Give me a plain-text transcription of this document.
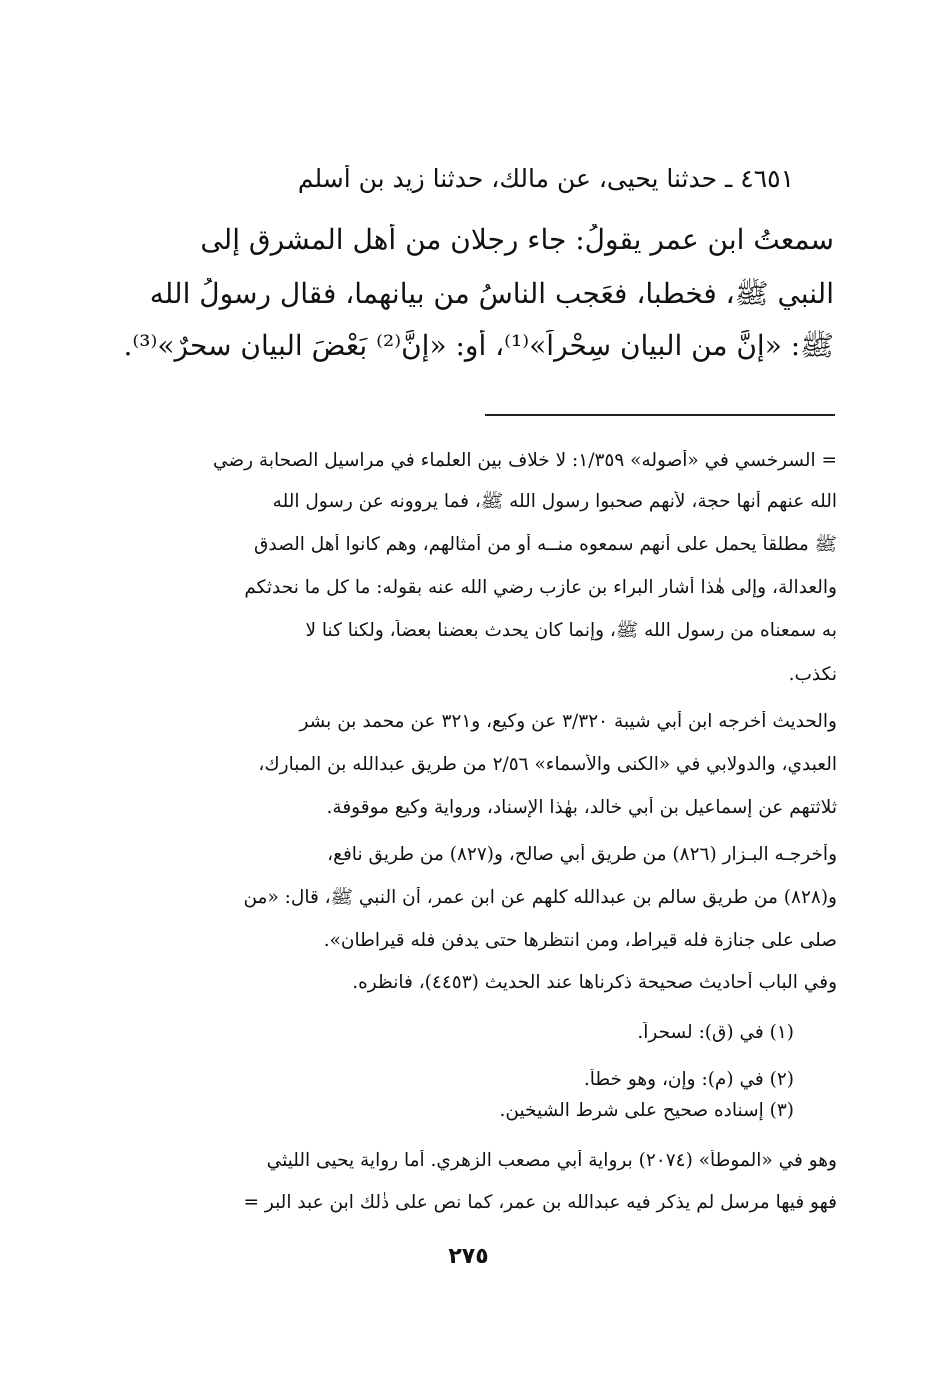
٤٦٥١ ـ حدثنا يحيى، عن مالك، حدثنا زيد بن أسلم
سمعتُ ابن عمر يقولُ: جاء رجلان من أهل المشرق إلى
النبي ﷺ، فخطبا، فعَجب الناسُ من بيانهما، فقال رسولُ الله
ﷺ: «إنَّ من البيانِ سِحْراً»⁽¹⁾، أو: «إنَّ⁽²⁾ بَعْضَ البيانِ سحرٌ»⁽³⁾.
= السرخسي في «أصوله» ١/٣٥٩: لا خلاف بين العلماء في مراسيل الصحابة رضي
الله عنهم أنها حجة، لأنهم صحبوا رسول الله ﷺ، فما يروونه عن رسول الله
ﷺ مطلقاً يحمل على أنهم سمعوه منــه أو من أمثالهم، وهم كانوا أهل الصدق
والعدالة، وإلى هٰذا أشار البراء بن عازب رضي الله عنه بقوله: ما كل ما نحدثكم
به سمعناه من رسول الله ﷺ، وإنما كان يحدث بعضنا بعضاً، ولكنا كنا لا
نكذب.
والحديث أخرجه ابن أبي شيبة ٣/٣٢٠ عن وكيع، و٣٢١ عن محمد بن بشر
العبدي، والدولابي في «الكنى والأسماء» ٢/٥٦ من طريق عبدالله بن المبارك،
ثلاثتهم عن إسماعيل بن أبي خالد، بهٰذا الإسناد، ورواية وكيع موقوفة.
وأخرجـه البـزار (٨٢٦) من طريق أبي صالح، و(٨٢٧) من طريق نافع،
و(٨٢٨) من طريق سالم بن عبدالله كلهم عن ابن عمر، أن النبي ﷺ، قال: «من
صلى على جنازة فله قيراط، ومن انتظرها حتى يدفن فله قيراطان».
وفي الباب أحاديث صحيحة ذكرناها عند الحديث (٤٤٥٣)، فانظره.
(١) في (ق): لسحراً.
(٢) في (م): وإن، وهو خطأ.
(٣) إسناده صحيح على شرط الشيخين.
وهو في «الموطأ» (٢٠٧٤) برواية أبي مصعب الزهري. أما رواية يحيى الليثي
فهو فيها مرسل لم يذكر فيه عبدالله بن عمر، كما نص على ذٰلك ابن عبد البر =
٢٧٥
